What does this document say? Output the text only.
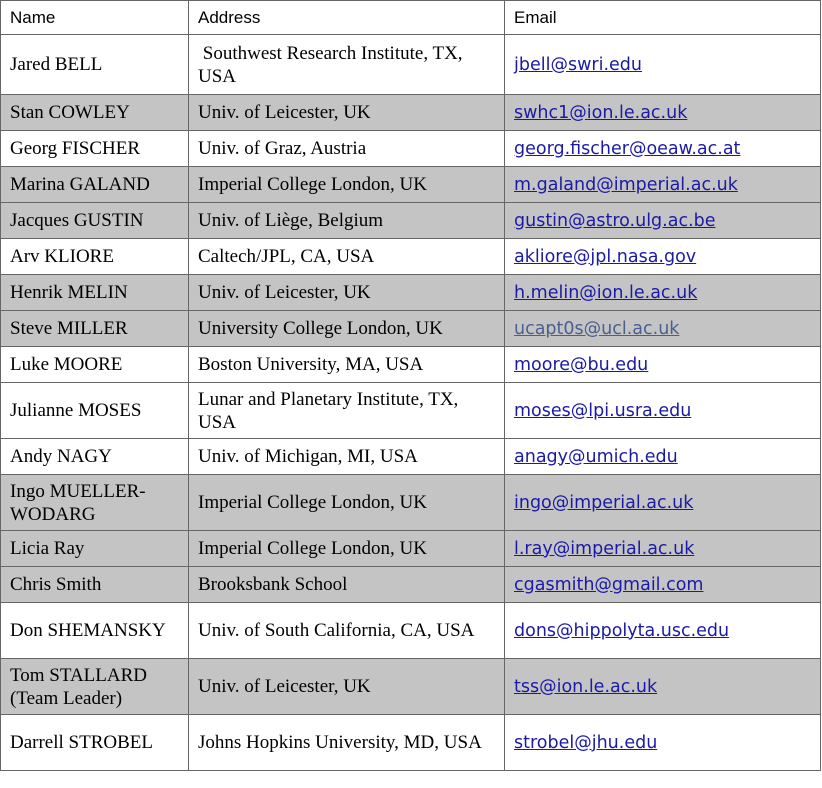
Name	Address	Email
Jared BELL	Southwest Research Institute, TX, USA	jbell@swri.edu
Stan COWLEY	Univ. of Leicester, UK	swhc1@ion.le.ac.uk
Georg FISCHER	Univ. of Graz, Austria	georg.fischer@oeaw.ac.at
Marina GALAND	Imperial College London, UK	m.galand@imperial.ac.uk
Jacques GUSTIN	Univ. of Liège, Belgium	gustin@astro.ulg.ac.be
Arv KLIORE	Caltech/JPL, CA, USA	akliore@jpl.nasa.gov
Henrik MELIN	Univ. of Leicester, UK	h.melin@ion.le.ac.uk
Steve MILLER	University College London, UK	ucapt0s@ucl.ac.uk
Luke MOORE	Boston University, MA, USA	moore@bu.edu
Julianne MOSES	Lunar and Planetary Institute, TX, USA	moses@lpi.usra.edu
Andy NAGY	Univ. of Michigan, MI, USA	anagy@umich.edu
Ingo MUELLER-WODARG	Imperial College London, UK	ingo@imperial.ac.uk
Licia Ray	Imperial College London, UK	l.ray@imperial.ac.uk
Chris Smith	Brooksbank School	cgasmith@gmail.com
Don SHEMANSKY	Univ. of South California, CA, USA	dons@hippolyta.usc.edu
Tom STALLARD (Team Leader)	Univ. of Leicester, UK	tss@ion.le.ac.uk
Darrell STROBEL	Johns Hopkins University, MD, USA	strobel@jhu.edu
